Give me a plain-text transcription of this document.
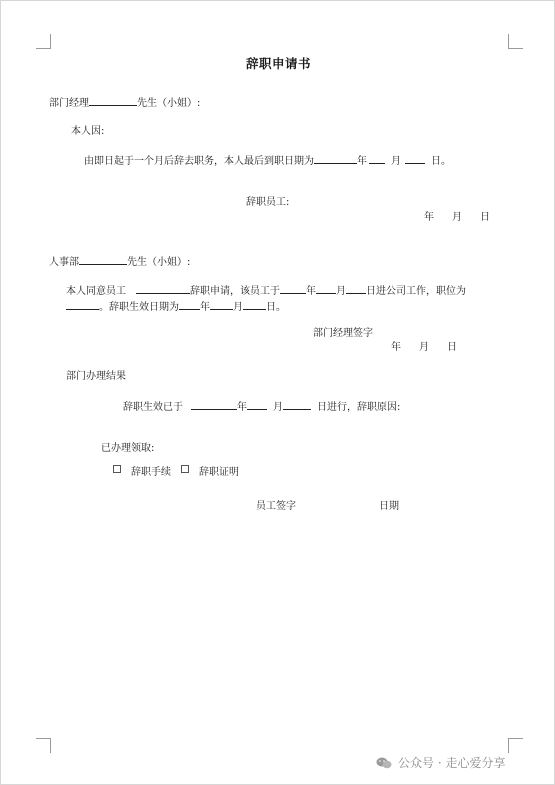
辞职申请书
部门经理	先生（小姐）:
本人因:
由即日起于一个月后辞去职务，本人最后到职日期为	年 月	日。
辞职员工:
年 月 日
人事部	先生（小姐）:
本人同意员工	辞职申请，该员工于	年 月 日进公司工作，职位为
。辞职生效日期为 年 月 日。
部门经理签字
年 月 日
部门办理结果
辞职生效已于	年	月	日进行，辞职原因:
已办理领取:
辞职手续	辞职证明
员工签字	日期
公众号 · 走心爱分享
